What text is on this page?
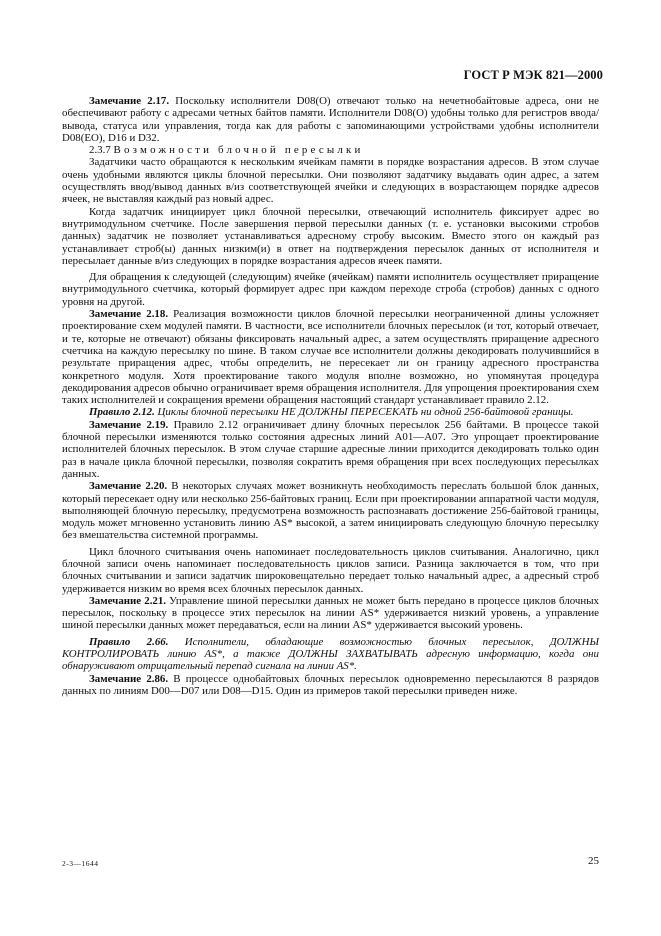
ГОСТ Р МЭК 821—2000

Замечание 2.17. Поскольку исполнители D08(О) отвечают только на нечетнобайтовые адреса, они не обеспечивают работу с адресами четных байтов памяти. Исполнители D08(О) удобны только для регистров ввода/вывода, статуса или управления, тогда как для работы с запоминающими устройствами удобны исполнители D08(EO), D16 и D32.

2.3.7 Возможности блочной пересылки

Задатчики часто обращаются к нескольким ячейкам памяти в порядке возрастания адресов. В этом случае очень удобными являются циклы блочной пересылки. Они позволяют задатчику выдавать один адрес, а затем осуществлять ввод/вывод данных в/из соответствующей ячейки и следующих в возрастающем порядке адресов ячеек, не выставляя каждый раз новый адрес.

Когда задатчик инициирует цикл блочной пересылки, отвечающий исполнитель фиксирует адрес во внутримодульном счетчике. После завершения первой пересылки данных (т. е. установки высокими стробов данных) задатчик не позволяет устанавливаться адресному стробу высоким. Вместо этого он каждый раз устанавливает строб(ы) данных низким(и) в ответ на подтверждения пересылок данных от исполнителя и пересылает данные в/из следующих в порядке возрастания адресов ячеек памяти.

Для обращения к следующей (следующим) ячейке (ячейкам) памяти исполнитель осуществляет приращение внутримодульного счетчика, который формирует адрес при каждом переходе строба (стробов) данных с одного уровня на другой.

Замечание 2.18. Реализация возможности циклов блочной пересылки неограниченной длины усложняет проектирование схем модулей памяти. В частности, все исполнители блочных пересылок (и тот, который отвечает, и те, которые не отвечают) обязаны фиксировать начальный адрес, а затем осуществлять приращение адресного счетчика на каждую пересылку по шине. В таком случае все исполнители должны декодировать получившийся в результате приращения адрес, чтобы определить, не пересекает ли он границу адресного пространства конкретного модуля. Хотя проектирование такого модуля вполне возможно, но упомянутая процедура декодирования адресов обычно ограничивает время обращения исполнителя. Для упрощения проектирования схем таких исполнителей и сокращения времени обращения настоящий стандарт устанавливает правило 2.12.

Правило 2.12. Циклы блочной пересылки НЕ ДОЛЖНЫ ПЕРЕСЕКАТЬ ни одной 256-байтовой границы.

Замечание 2.19. Правило 2.12 ограничивает длину блочных пересылок 256 байтами. В процессе такой блочной пересылки изменяются только состояния адресных линий А01—А07. Это упрощает проектирование исполнителей блочных пересылок. В этом случае старшие адресные линии приходится декодировать только один раз в начале цикла блочной пересылки, позволяя сократить время обращения при всех последующих пересылках данных.

Замечание 2.20. В некоторых случаях может возникнуть необходимость переслать большой блок данных, который пересекает одну или несколько 256-байтовых границ. Если при проектировании аппаратной части модуля, выполняющей блочную пересылку, предусмотрена возможность распознавать достижение 256-байтовой границы, модуль может мгновенно установить линию AS* высокой, а затем инициировать следующую блочную пересылку без вмешательства системной программы.

Цикл блочного считывания очень напоминает последовательность циклов считывания. Аналогично, цикл блочной записи очень напоминает последовательность циклов записи. Разница заключается в том, что при блочных считывании и записи задатчик широковещательно передает только начальный адрес, а адресный строб удерживается низким во время всех блочных пересылок данных.

Замечание 2.21. Управление шиной пересылки данных не может быть передано в процессе циклов блочных пересылок, поскольку в процессе этих пересылок на линии AS* удерживается низкий уровень, а управление шиной пересылки данных может передаваться, если на линии AS* удерживается высокий уровень.

Правило 2.66. Исполнители, обладающие возможностью блочных пересылок, ДОЛЖНЫ КОНТРОЛИРОВАТЬ линию AS*, а также ДОЛЖНЫ ЗАХВАТЫВАТЬ адресную информацию, когда они обнаруживают отрицательный перепад сигнала на линии AS*.

Замечание 2.86. В процессе однобайтовых блочных пересылок одновременно пересылаются 8 разрядов данных по линиям D00—D07 или D08—D15. Один из примеров такой пересылки приведен ниже.

2-3—1644	25
